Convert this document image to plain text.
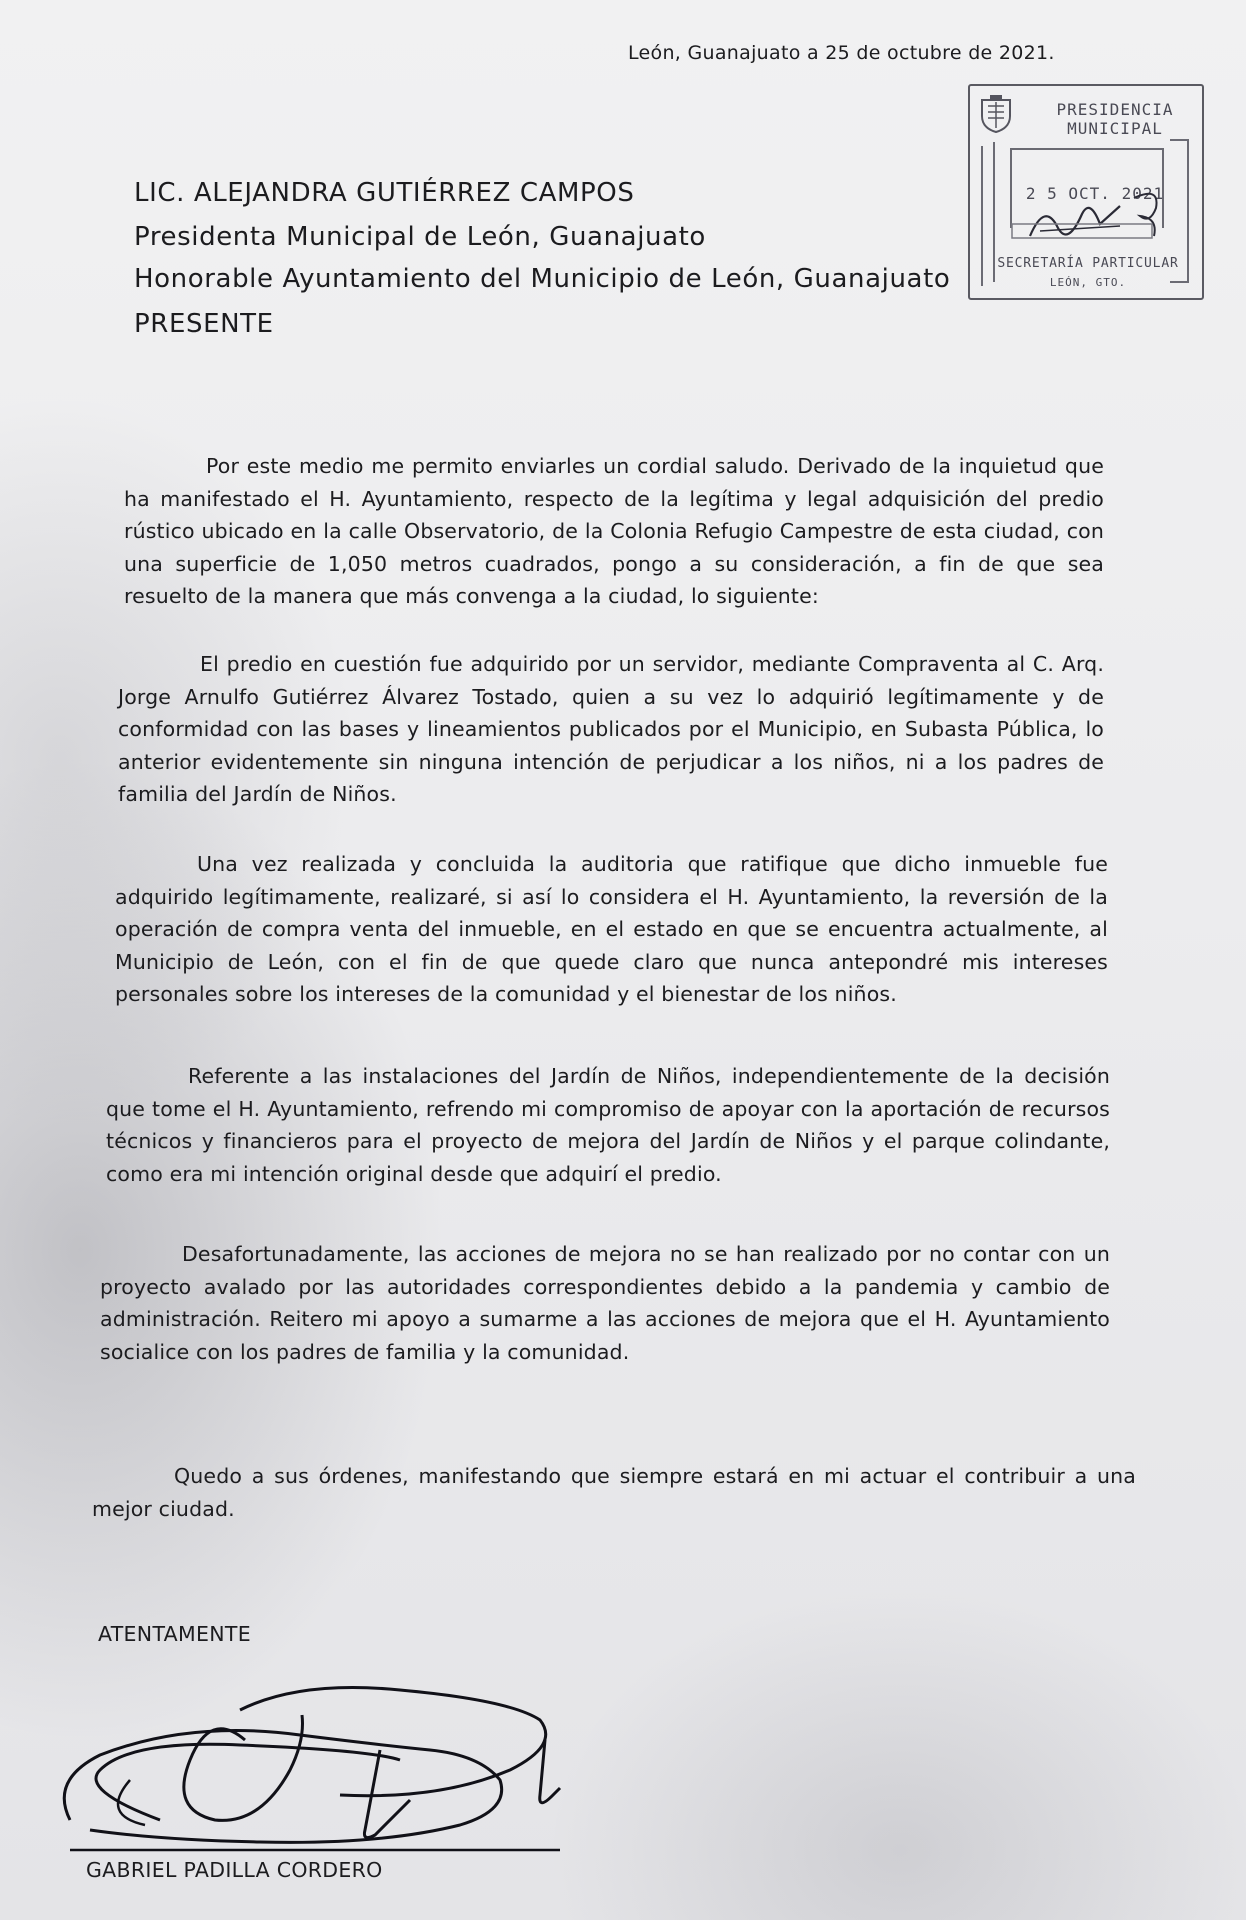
León, Guanajuato a 25 de octubre de 2021.
PRESIDENCIA
MUNICIPAL
2 5 OCT. 2021
SECRETARÍA PARTICULAR
LEÓN, GTO.
LIC. ALEJANDRA GUTIÉRREZ CAMPOS
Presidenta Municipal de León, Guanajuato
Honorable Ayuntamiento del Municipio de León, Guanajuato
PRESENTE
Por este medio me permito enviarles un cordial saludo. Derivado de la inquietud que ha manifestado el H. Ayuntamiento, respecto de la legítima y legal adquisición del predio rústico ubicado en la calle Observatorio, de la Colonia Refugio Campestre de esta ciudad, con una superficie de 1,050 metros cuadrados, pongo a su consideración, a fin de que sea resuelto de la manera que más convenga a la ciudad, lo siguiente:
El predio en cuestión fue adquirido por un servidor, mediante Compraventa al C. Arq. Jorge Arnulfo Gutiérrez Álvarez Tostado, quien a su vez lo adquirió legítimamente y de conformidad con las bases y lineamientos publicados por el Municipio, en Subasta Pública, lo anterior evidentemente sin ninguna intención de perjudicar a los niños, ni a los padres de familia del Jardín de Niños.
Una vez realizada y concluida la auditoria que ratifique que dicho inmueble fue adquirido legítimamente, realizaré, si así lo considera el H. Ayuntamiento, la reversión de la operación de compra venta del inmueble, en el estado en que se encuentra actualmente, al Municipio de León, con el fin de que quede claro que nunca antepondré mis intereses personales sobre los intereses de la comunidad y el bienestar de los niños.
Referente a las instalaciones del Jardín de Niños, independientemente de la decisión que tome el H. Ayuntamiento, refrendo mi compromiso de apoyar con la aportación de recursos técnicos y financieros para el proyecto de mejora del Jardín de Niños y el parque colindante, como era mi intención original desde que adquirí el predio.
Desafortunadamente, las acciones de mejora no se han realizado por no contar con un proyecto avalado por las autoridades correspondientes debido a la pandemia y cambio de administración. Reitero mi apoyo a sumarme a las acciones de mejora que el H. Ayuntamiento socialice con los padres de familia y la comunidad.
Quedo a sus órdenes, manifestando que siempre estará en mi actuar el contribuir a una mejor ciudad.
ATENTAMENTE
GABRIEL PADILLA CORDERO
